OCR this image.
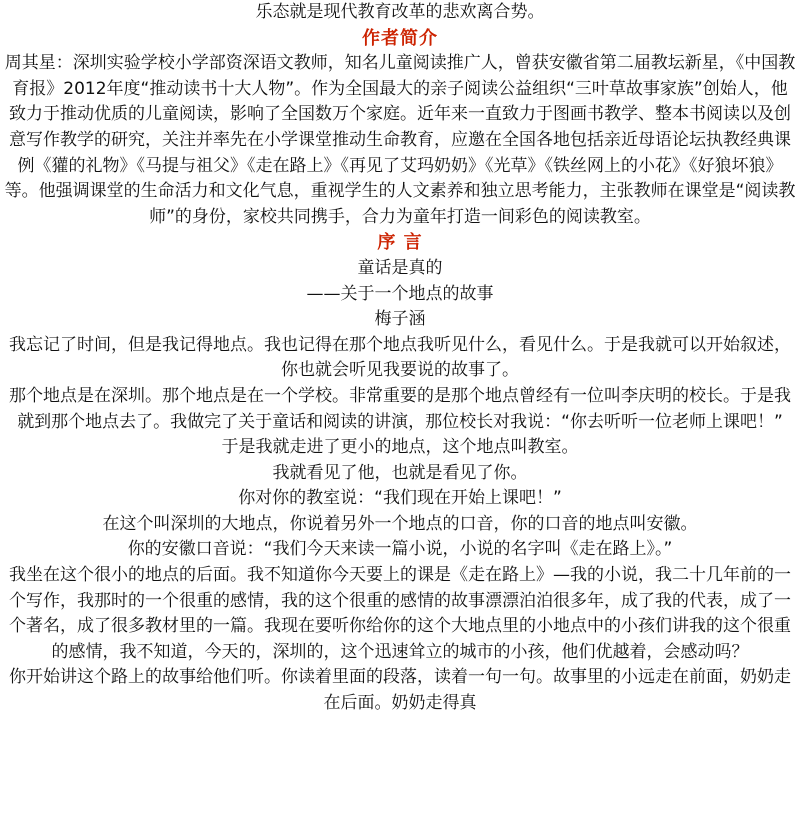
乐态就是现代教育改革的悲欢离合势。

作者简介

周其星：深圳实验学校小学部资深语文教师，知名儿童阅读推广人，曾获安徽省第二届教坛新星，《中国教育报》2012年度“推动读书十大人物”。作为全国最大的亲子阅读公益组织“三叶草故事家族”创始人，他致力于推动优质的儿童阅读，影响了全国数万个家庭。近年来一直致力于图画书教学、整本书阅读以及创意写作教学的研究，关注并率先在小学课堂推动生命教育，应邀在全国各地包括亲近母语论坛执教经典课例《獾的礼物》《马提与祖父》《走在路上》《再见了艾玛奶奶》《光草》《铁丝网上的小花》《好狼坏狼》等。他强调课堂的生命活力和文化气息，重视学生的人文素养和独立思考能力，主张教师在课堂是“阅读教师”的身份，家校共同携手，合力为童年打造一间彩色的阅读教室。

序 言

童话是真的

——关于一个地点的故事

梅子涵

我忘记了时间，但是我记得地点。我也记得在那个地点我听见什么，看见什么。于是我就可以开始叙述，你也就会听见我要说的故事了。

那个地点是在深圳。那个地点是在一个学校。非常重要的是那个地点曾经有一位叫李庆明的校长。于是我就到那个地点去了。我做完了关于童话和阅读的讲演，那位校长对我说：“你去听听一位老师上课吧！”

于是我就走进了更小的地点，这个地点叫教室。

我就看见了他，也就是看见了你。

你对你的教室说：“我们现在开始上课吧！”

在这个叫深圳的大地点，你说着另外一个地点的口音，你的口音的地点叫安徽。

你的安徽口音说：“我们今天来读一篇小说，小说的名字叫《走在路上》。”

我坐在这个很小的地点的后面。我不知道你今天要上的课是《走在路上》—我的小说，我二十几年前的一个写作，我那时的一个很重的感情，我的这个很重的感情的故事漂漂泊泊很多年，成了我的代表，成了一个著名，成了很多教材里的一篇。我现在要听你给你的这个大地点里的小地点中的小孩们讲我的这个很重的感情，我不知道，今天的，深圳的，这个迅速耸立的城市的小孩，他们优越着，会感动吗？

你开始讲这个路上的故事给他们听。你读着里面的段落，读着一句一句。故事里的小远走在前面，奶奶走在后面。奶奶走得真
